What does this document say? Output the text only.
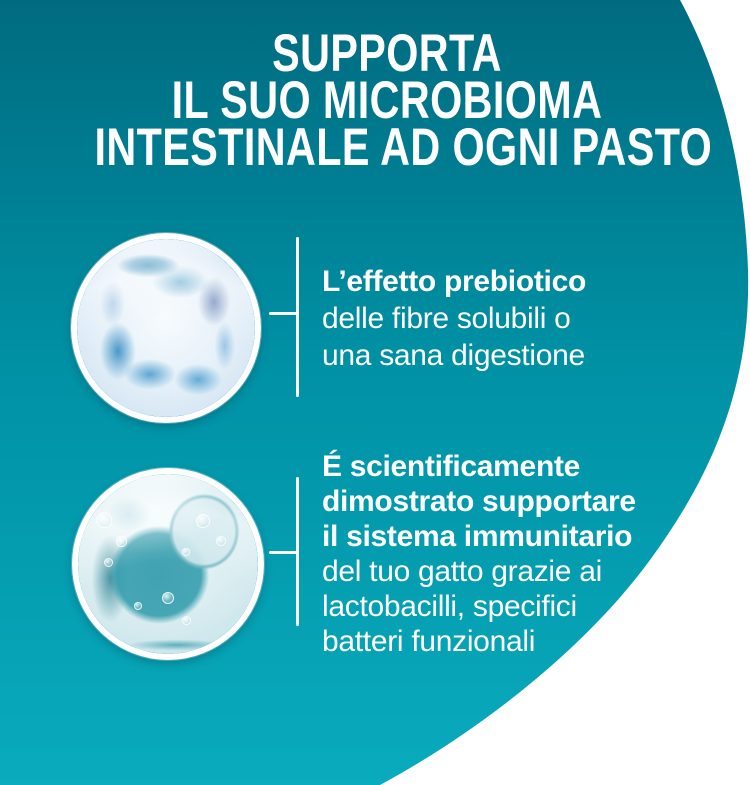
SUPPORTA
IL SUO MICROBIOMA
INTESTINALE AD OGNI PASTO

L’effetto prebiotico
delle fibre solubili o
una sana digestione

É scientificamente
dimostrato supportare
il sistema immunitario
del tuo gatto grazie ai
lactobacilli, specifici
batteri funzionali
